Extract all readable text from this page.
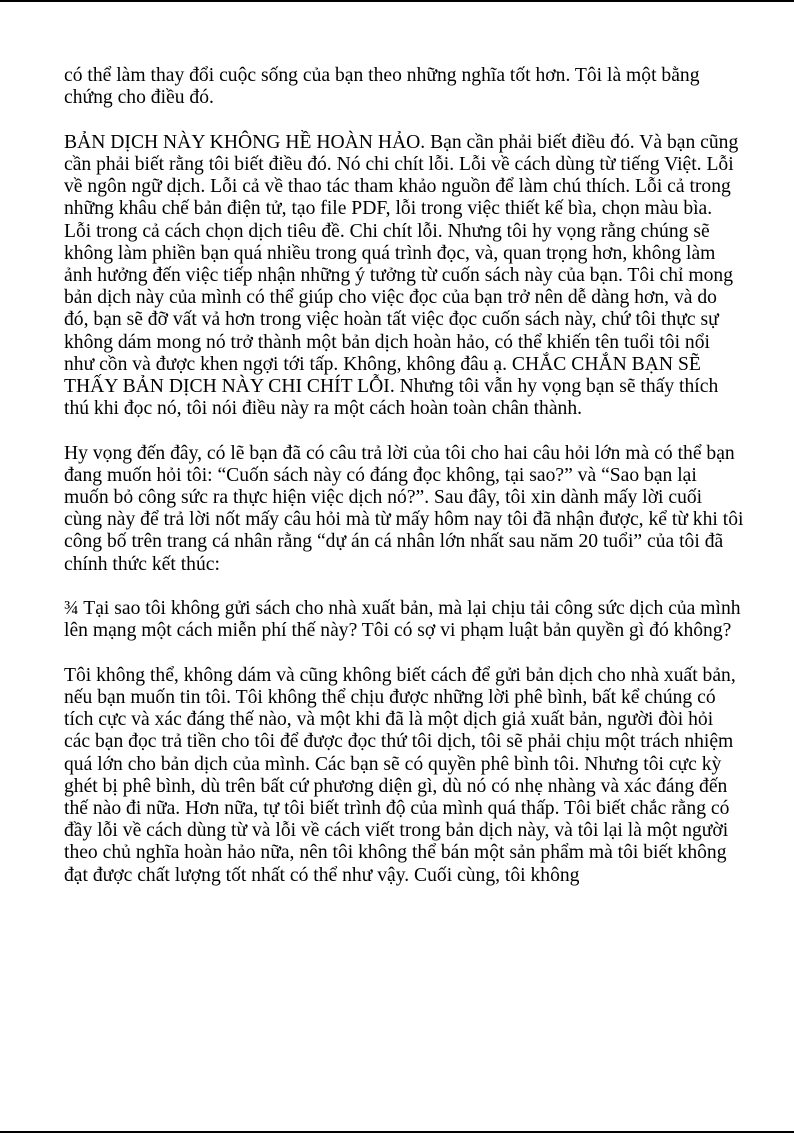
có thể làm thay đổi cuộc sống của bạn theo những nghĩa tốt hơn. Tôi là một bằng chứng cho điều đó.

BẢN DỊCH NÀY KHÔNG HỀ HOÀN HẢO. Bạn cần phải biết điều đó. Và bạn cũng cần phải biết rằng tôi biết điều đó. Nó chi chít lỗi. Lỗi về cách dùng từ tiếng Việt. Lỗi về ngôn ngữ dịch. Lỗi cả về thao tác tham khảo nguồn để làm chú thích. Lỗi cả trong những khâu chế bản điện tử, tạo file PDF, lỗi trong việc thiết kế bìa, chọn màu bìa. Lỗi trong cả cách chọn dịch tiêu đề. Chi chít lỗi. Nhưng tôi hy vọng rằng chúng sẽ không làm phiền bạn quá nhiều trong quá trình đọc, và, quan trọng hơn, không làm ảnh hưởng đến việc tiếp nhận những ý tưởng từ cuốn sách này của bạn. Tôi chỉ mong bản dịch này của mình có thể giúp cho việc đọc của bạn trở nên dễ dàng hơn, và do đó, bạn sẽ đỡ vất vả hơn trong việc hoàn tất việc đọc cuốn sách này, chứ tôi thực sự không dám mong nó trở thành một bản dịch hoàn hảo, có thể khiến tên tuổi tôi nổi như cồn và được khen ngợi tới tấp. Không, không đâu ạ. CHẮC CHẮN BẠN SẼ THẤY BẢN DỊCH NÀY CHI CHÍT LỖI. Nhưng tôi vẫn hy vọng bạn sẽ thấy thích thú khi đọc nó, tôi nói điều này ra một cách hoàn toàn chân thành.

Hy vọng đến đây, có lẽ bạn đã có câu trả lời của tôi cho hai câu hỏi lớn mà có thể bạn đang muốn hỏi tôi: “Cuốn sách này có đáng đọc không, tại sao?” và “Sao bạn lại muốn bỏ công sức ra thực hiện việc dịch nó?”. Sau đây, tôi xin dành mấy lời cuối cùng này để trả lời nốt mấy câu hỏi mà từ mấy hôm nay tôi đã nhận được, kể từ khi tôi công bố trên trang cá nhân rằng “dự án cá nhân lớn nhất sau năm 20 tuổi” của tôi đã chính thức kết thúc:

¾ Tại sao tôi không gửi sách cho nhà xuất bản, mà lại chịu tải công sức dịch của mình lên mạng một cách miễn phí thế này? Tôi có sợ vi phạm luật bản quyền gì đó không?

Tôi không thể, không dám và cũng không biết cách để gửi bản dịch cho nhà xuất bản, nếu bạn muốn tin tôi. Tôi không thể chịu được những lời phê bình, bất kể chúng có tích cực và xác đáng thế nào, và một khi đã là một dịch giả xuất bản, người đòi hỏi các bạn đọc trả tiền cho tôi để được đọc thứ tôi dịch, tôi sẽ phải chịu một trách nhiệm quá lớn cho bản dịch của mình. Các bạn sẽ có quyền phê bình tôi. Nhưng tôi cực kỳ ghét bị phê bình, dù trên bất cứ phương diện gì, dù nó có nhẹ nhàng và xác đáng đến thế nào đi nữa. Hơn nữa, tự tôi biết trình độ của mình quá thấp. Tôi biết chắc rằng có đầy lỗi về cách dùng từ và lỗi về cách viết trong bản dịch này, và tôi lại là một người theo chủ nghĩa hoàn hảo nữa, nên tôi không thể bán một sản phẩm mà tôi biết không đạt được chất lượng tốt nhất có thể như vậy. Cuối cùng, tôi không
